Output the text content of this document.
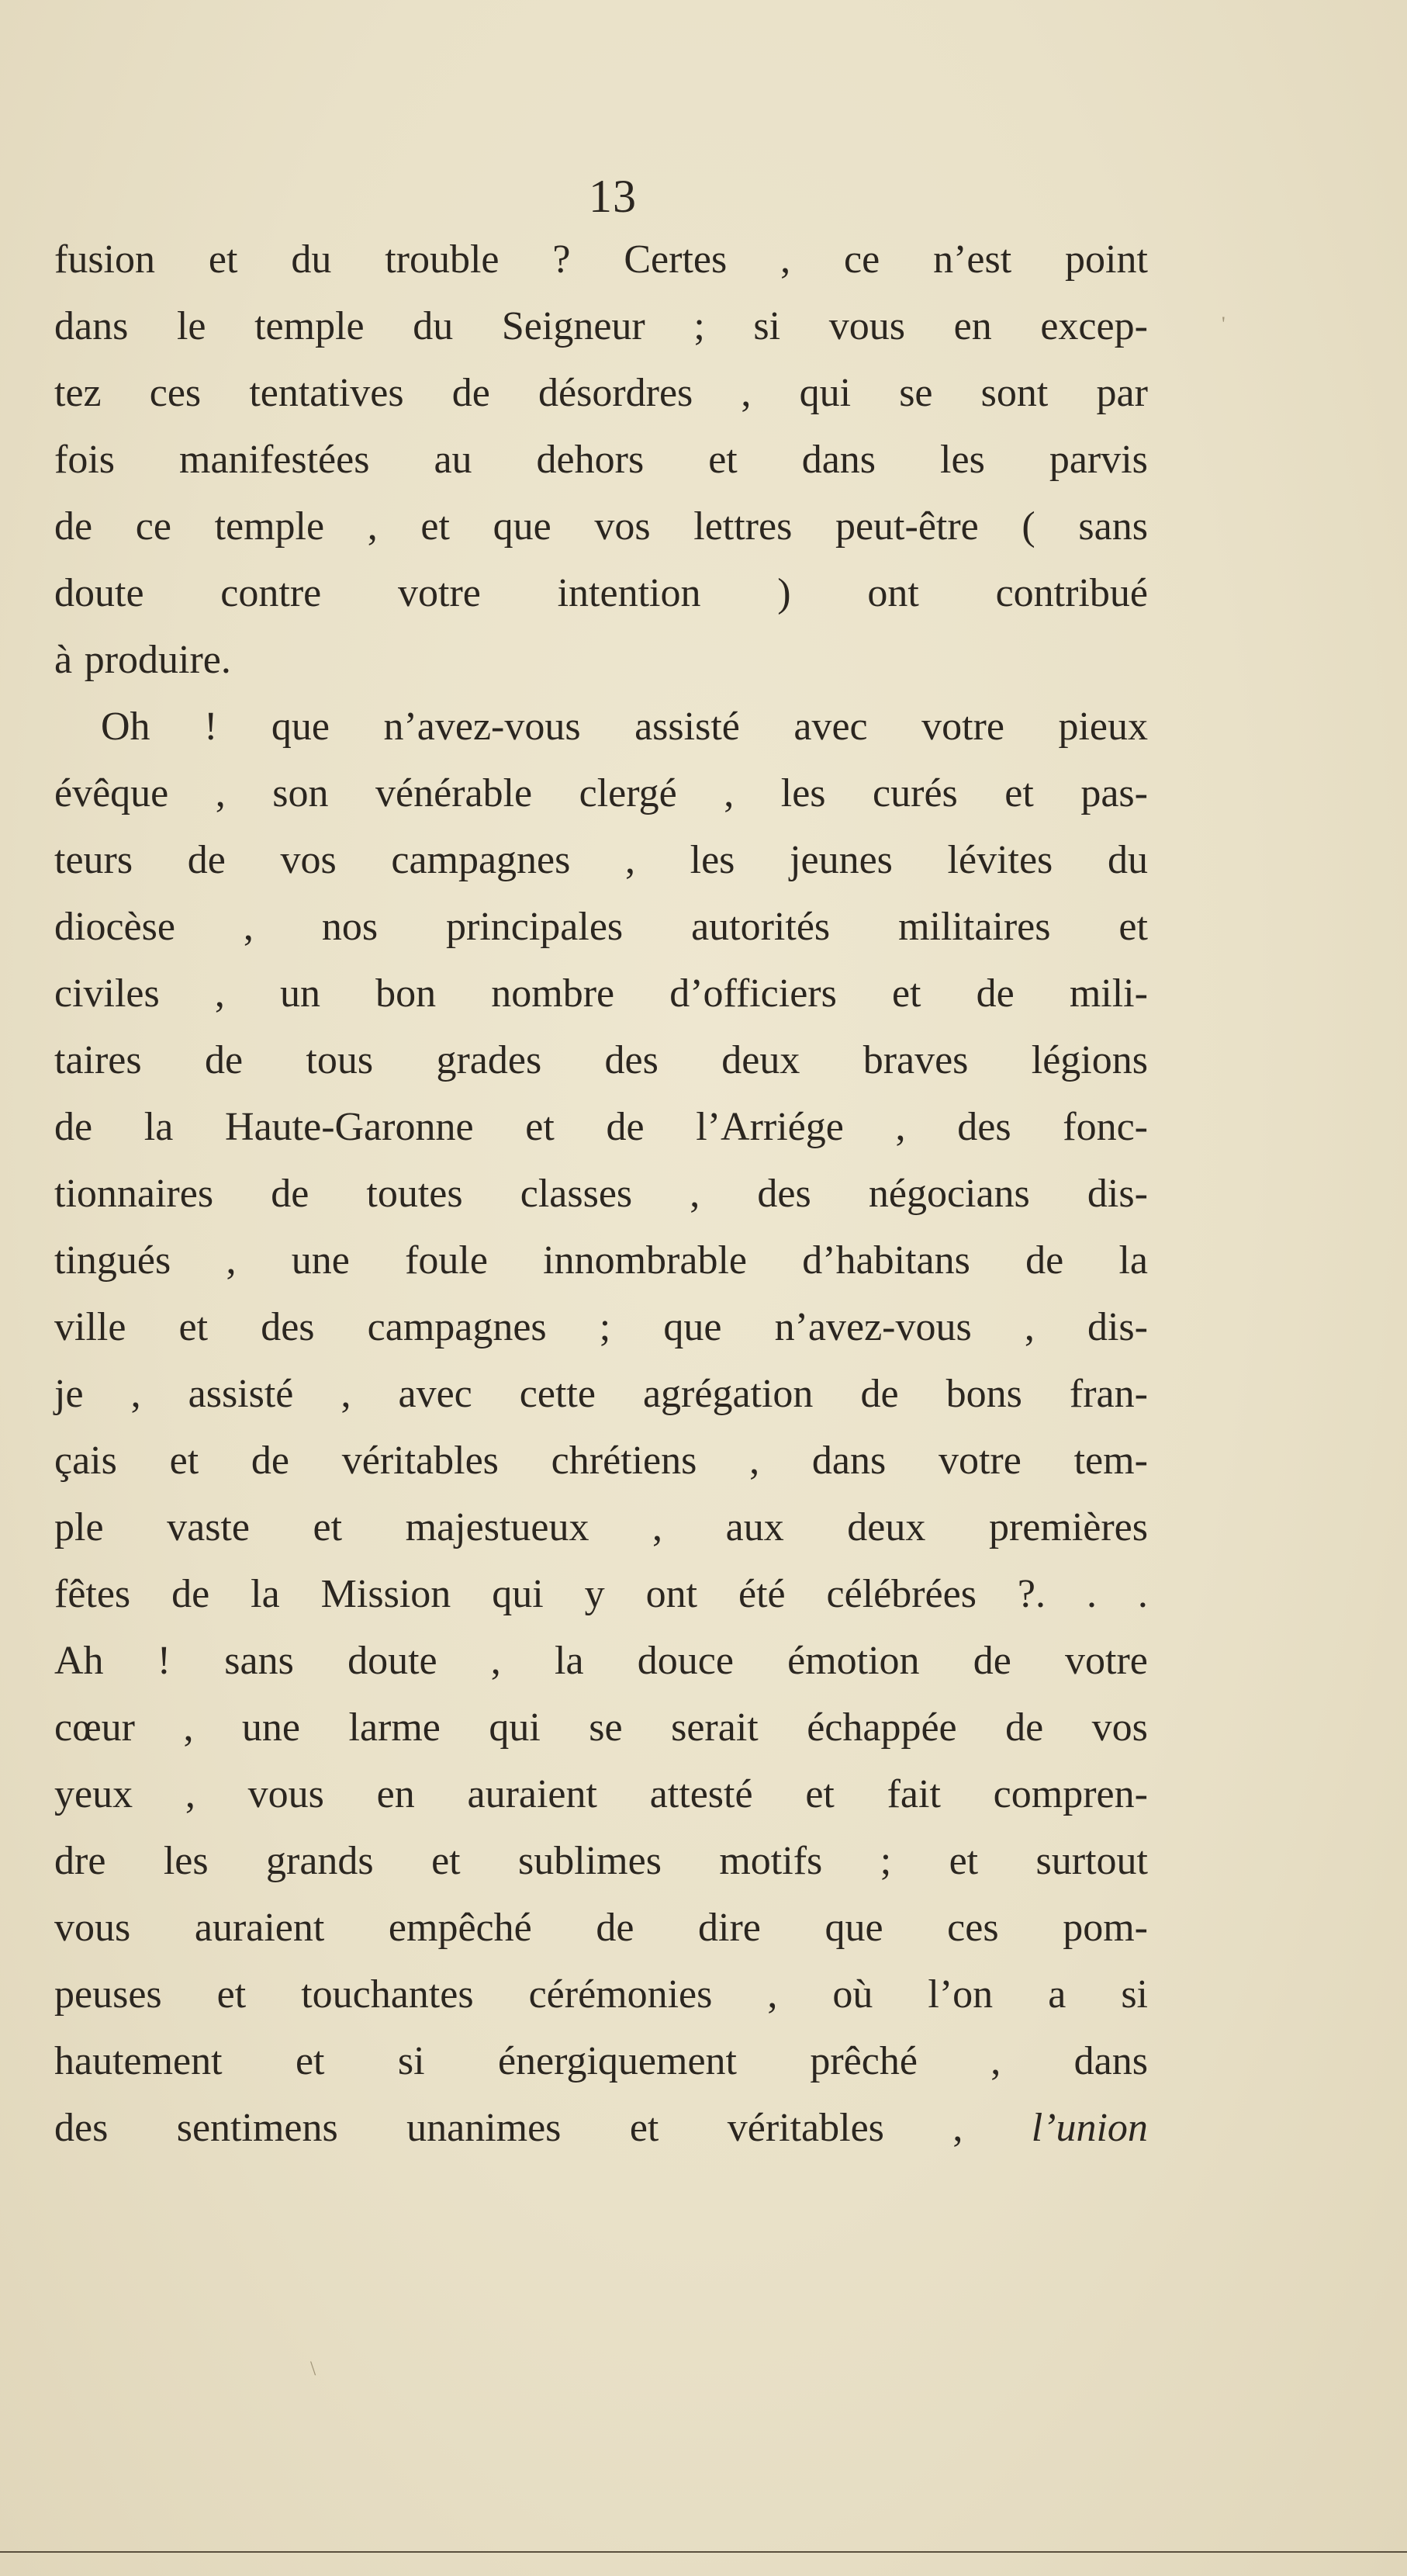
13
fusion et du trouble ? Certes , ce n’est point
dans le temple du Seigneur ; si vous en excep-
tez ces tentatives de désordres , qui se sont par
fois manifestées au dehors et dans les parvis
de ce temple , et que vos lettres peut-être ( sans
doute contre votre intention ) ont contribué
à produire.
Oh ! que n’avez-vous assisté avec votre pieux
évêque , son vénérable clergé , les curés et pas-
teurs de vos campagnes , les jeunes lévites du
diocèse , nos principales autorités militaires et
civiles , un bon nombre d’officiers et de mili-
taires de tous grades des deux braves légions
de la Haute-Garonne et de l’Arriége , des fonc-
tionnaires de toutes classes , des négocians dis-
tingués , une foule innombrable d’habitans de la
ville et des campagnes ; que n’avez-vous , dis-
je , assisté , avec cette agrégation de bons fran-
çais et de véritables chrétiens , dans votre tem-
ple vaste et majestueux , aux deux premières
fêtes de la Mission qui y ont été célébrées ?. . .
Ah ! sans doute , la douce émotion de votre
cœur , une larme qui se serait échappée de vos
yeux , vous en auraient attesté et fait compren-
dre les grands et sublimes motifs ; et surtout
vous auraient empêché de dire que ces pom-
peuses et touchantes cérémonies , où l’on a si
hautement et si énergiquement prêché , dans
des sentimens unanimes et véritables , l’union
'
\
